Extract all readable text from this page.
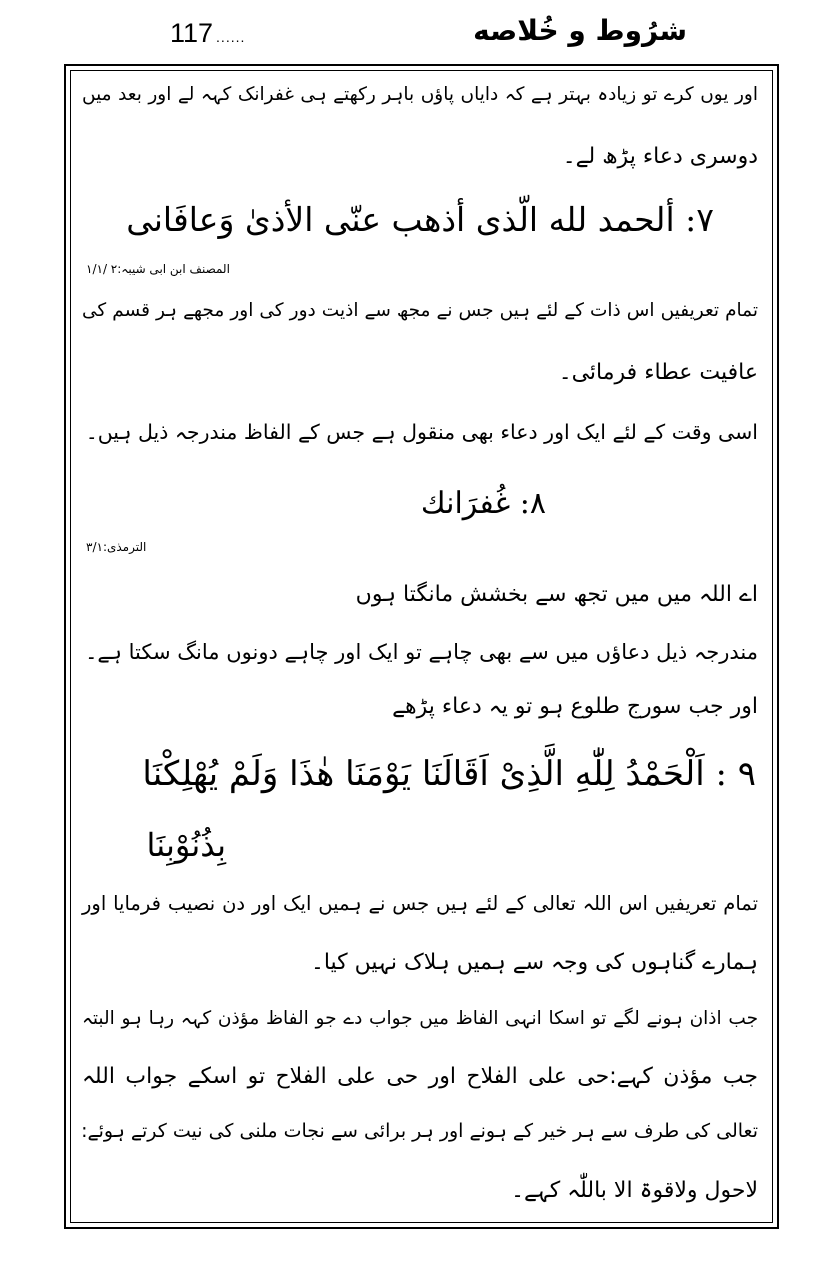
117 ......	شرُوط و خُلاصه
اور یوں کرے تو زیادہ بہتر ہے کہ دایاں پاؤں باہر رکھتے ہی غفرانک کہہ لے اور بعد میں
دوسری دعاء پڑھ لے۔
۷: ألحمد لله الّذی أذهب عنّی الأذیٰ وَعافَانی
المصنف ابن ابی شیبہ:۲ /۱/۱
تمام تعریفیں اس ذات کے لئے ہیں جس نے مجھ سے اذیت دور کی اور مجھے ہر قسم کی
عافیت عطاء فرمائی۔
اسی وقت کے لئے ایک اور دعاء بھی منقول ہے جس کے الفاظ مندرجہ ذیل ہیں۔
۸: غُفرَانك
الترمذی:۳/۱
اے اللہ میں میں تجھ سے بخشش مانگتا ہوں
مندرجہ ذیل دعاؤں میں سے بھی چاہے تو ایک اور چاہے دونوں مانگ سکتا ہے۔
اور جب سورج طلوع ہو تو یہ دعاء پڑھے
۹ : اَلْحَمْدُ لِلّٰهِ الَّذِیْ اَقَالَنَا یَوْمَنَا هٰذَا وَلَمْ یُهْلِکْنَا
بِذُنُوْبِنَا
تمام تعریفیں اس اللہ تعالی کے لئے ہیں جس نے ہمیں ایک اور دن نصیب فرمایا اور
ہمارے گناہوں کی وجہ سے ہمیں ہلاک نہیں کیا۔
جب اذان ہونے لگے تو اسکا انہی الفاظ میں جواب دے جو الفاظ مؤذن کہہ رہا ہو البتہ
جب مؤذن کہے:حی علی الفلاح اور حی علی الفلاح تو اسکے جواب اللہ
تعالی کی طرف سے ہر خیر کے ہونے اور ہر برائی سے نجات ملنی کی نیت کرتے ہوئے:
لاحول ولاقوۃ الا باللّٰہ کہے۔
